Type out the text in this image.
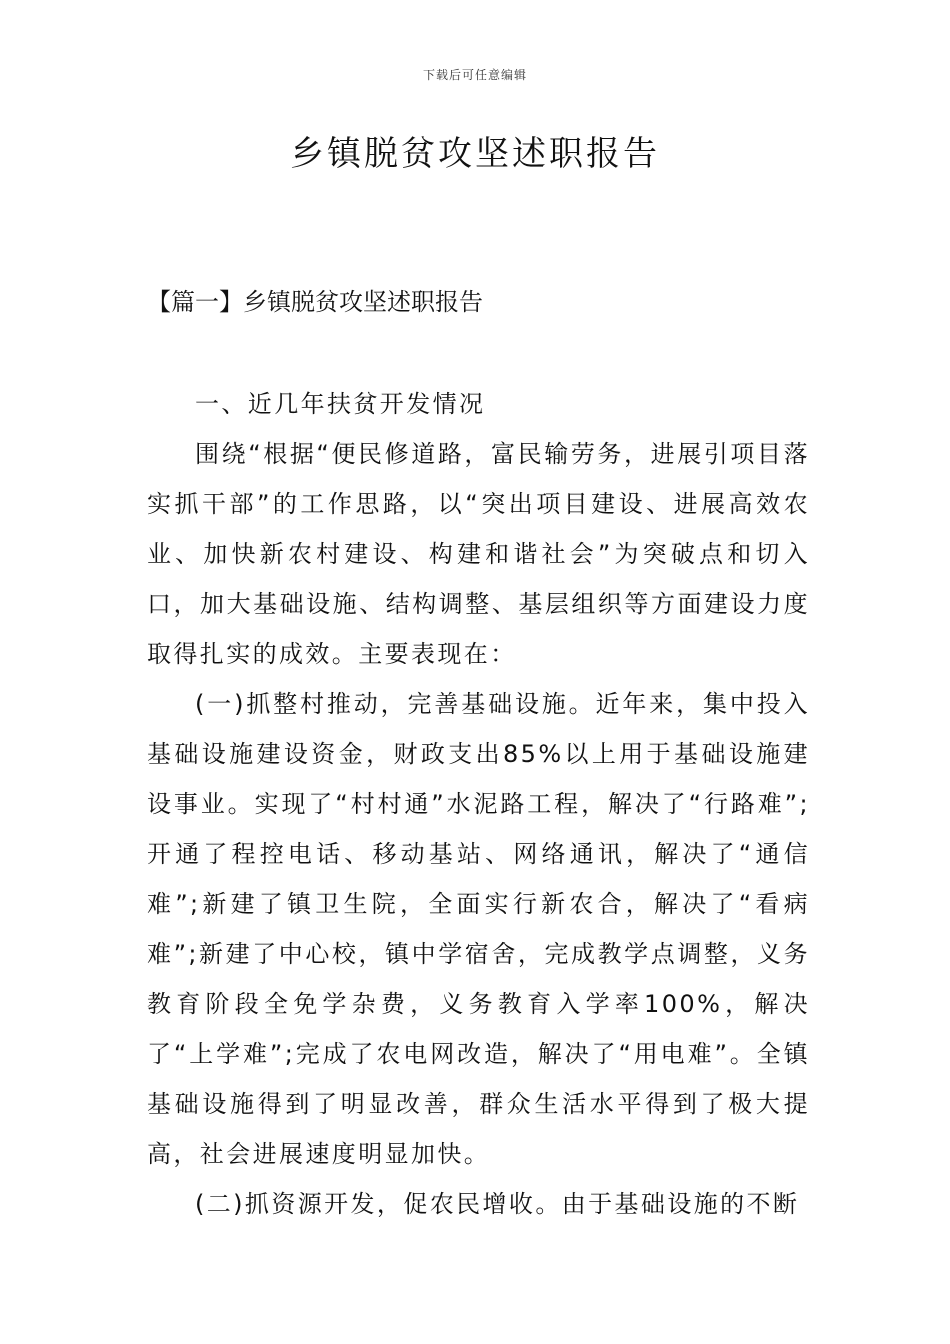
下载后可任意编辑
乡镇脱贫攻坚述职报告
【篇一】乡镇脱贫攻坚述职报告

一、近几年扶贫开发情况

围绕“根据“便民修道路，富民输劳务，进展引项目落实抓干部”的工作思路，以“突出项目建设、进展高效农业、加快新农村建设、构建和谐社会”为突破点和切入口，加大基础设施、结构调整、基层组织等方面建设力度取得扎实的成效。主要表现在：

(一)抓整村推动，完善基础设施。近年来，集中投入基础设施建设资金，财政支出85%以上用于基础设施建设事业。实现了“村村通”水泥路工程，解决了“行路难”;开通了程控电话、移动基站、网络通讯，解决了“通信难”;新建了镇卫生院，全面实行新农合，解决了“看病难”;新建了中心校，镇中学宿舍，完成教学点调整，义务教育阶段全免学杂费，义务教育入学率100%，解决了“上学难”;完成了农电网改造，解决了“用电难”。全镇基础设施得到了明显改善，群众生活水平得到了极大提高，社会进展速度明显加快。

(二)抓资源开发，促农民增收。由于基础设施的不断
